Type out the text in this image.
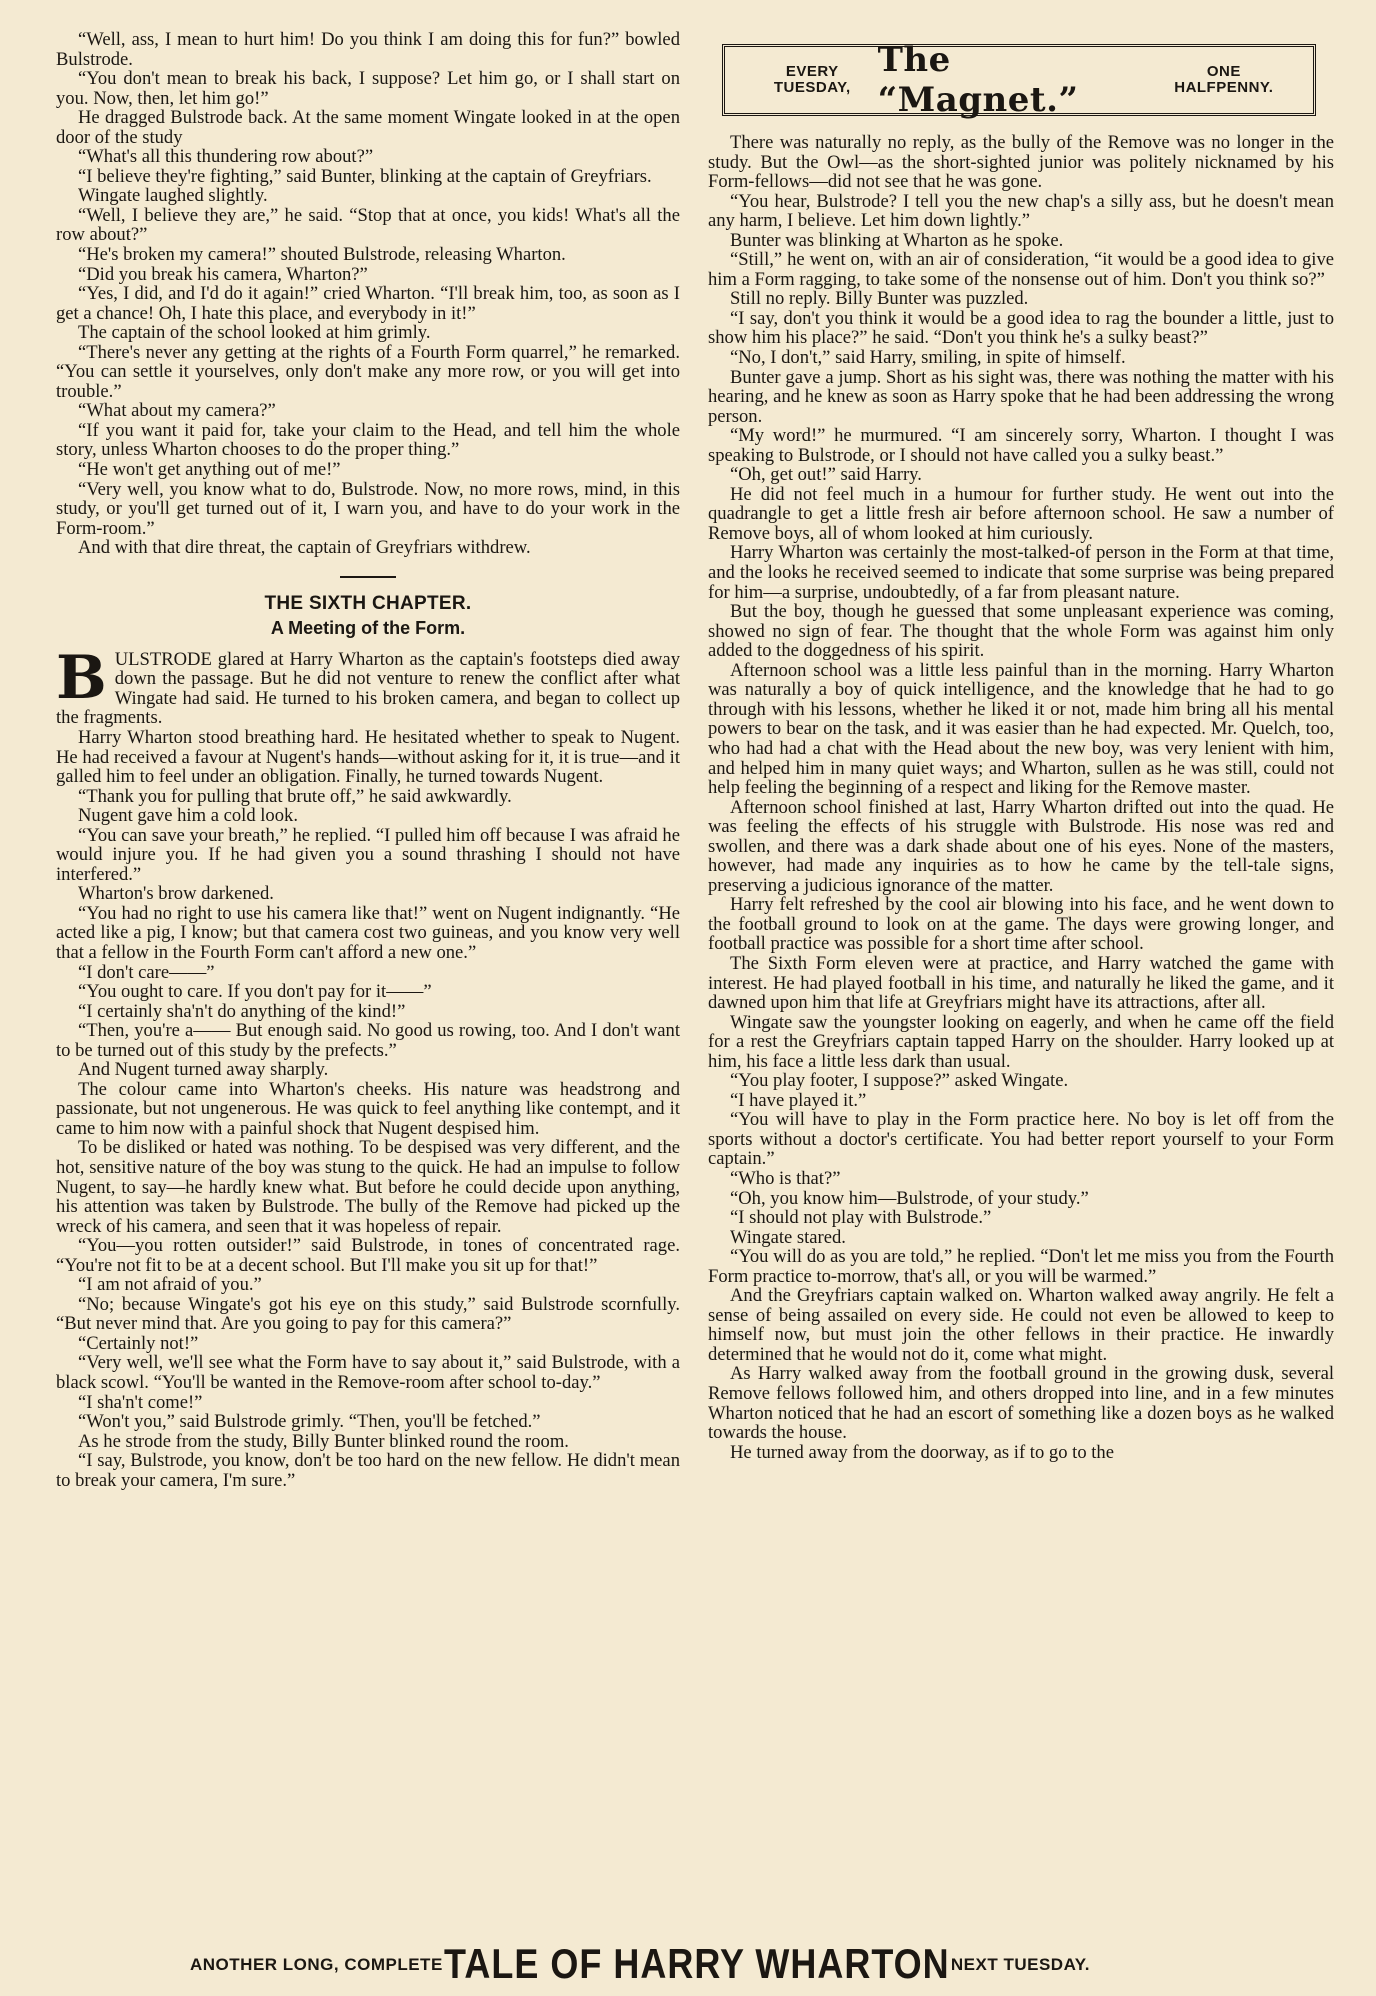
“Well, ass, I mean to hurt him! Do you think I am doing this for fun?” bowled Bulstrode.

“You don't mean to break his back, I suppose? Let him go, or I shall start on you. Now, then, let him go!”

He dragged Bulstrode back. At the same moment Wingate looked in at the open door of the study

“What's all this thundering row about?”

“I believe they're fighting,” said Bunter, blinking at the captain of Greyfriars.

Wingate laughed slightly.

“Well, I believe they are,” he said. “Stop that at once, you kids! What's all the row about?”

“He's broken my camera!” shouted Bulstrode, releasing Wharton.

“Did you break his camera, Wharton?”

“Yes, I did, and I'd do it again!” cried Wharton. “I'll break him, too, as soon as I get a chance! Oh, I hate this place, and everybody in it!”

The captain of the school looked at him grimly.

“There's never any getting at the rights of a Fourth Form quarrel,” he remarked. “You can settle it yourselves, only don't make any more row, or you will get into trouble.”

“What about my camera?”

“If you want it paid for, take your claim to the Head, and tell him the whole story, unless Wharton chooses to do the proper thing.”

“He won't get anything out of me!”

“Very well, you know what to do, Bulstrode. Now, no more rows, mind, in this study, or you'll get turned out of it, I warn you, and have to do your work in the Form-room.”

And with that dire threat, the captain of Greyfriars withdrew.

THE SIXTH CHAPTER.
A Meeting of the Form.

BULSTRODE glared at Harry Wharton as the captain's footsteps died away down the passage. But he did not venture to renew the conflict after what Wingate had said. He turned to his broken camera, and began to collect up the fragments.

Harry Wharton stood breathing hard. He hesitated whether to speak to Nugent. He had received a favour at Nugent's hands—without asking for it, it is true—and it galled him to feel under an obligation. Finally, he turned towards Nugent.

“Thank you for pulling that brute off,” he said awkwardly.

Nugent gave him a cold look.

“You can save your breath,” he replied. “I pulled him off because I was afraid he would injure you. If he had given you a sound thrashing I should not have interfered.”

Wharton's brow darkened.

“You had no right to use his camera like that!” went on Nugent indignantly. “He acted like a pig, I know; but that camera cost two guineas, and you know very well that a fellow in the Fourth Form can't afford a new one.”

“I don't care——”

“You ought to care. If you don't pay for it——”

“I certainly sha'n't do anything of the kind!”

“Then, you're a—— But enough said. No good us rowing, too. And I don't want to be turned out of this study by the prefects.”

And Nugent turned away sharply.

The colour came into Wharton's cheeks. His nature was headstrong and passionate, but not ungenerous. He was quick to feel anything like contempt, and it came to him now with a painful shock that Nugent despised him.

To be disliked or hated was nothing. To be despised was very different, and the hot, sensitive nature of the boy was stung to the quick. He had an impulse to follow Nugent, to say—he hardly knew what. But before he could decide upon anything, his attention was taken by Bulstrode. The bully of the Remove had picked up the wreck of his camera, and seen that it was hopeless of repair.

“You—you rotten outsider!” said Bulstrode, in tones of concentrated rage. “You're not fit to be at a decent school. But I'll make you sit up for that!”

“I am not afraid of you.”

“No; because Wingate's got his eye on this study,” said Bulstrode scornfully. “But never mind that. Are you going to pay for this camera?”

“Certainly not!”

“Very well, we'll see what the Form have to say about it,” said Bulstrode, with a black scowl. “You'll be wanted in the Remove-room after school to-day.”

“I sha'n't come!”

“Won't you,” said Bulstrode grimly. “Then, you'll be fetched.”

As he strode from the study, Billy Bunter blinked round the room.

“I say, Bulstrode, you know, don't be too hard on the new fellow. He didn't mean to break your camera, I'm sure.”

EVERY TUESDAY,
The “Magnet.”
ONE HALFPENNY.

There was naturally no reply, as the bully of the Remove was no longer in the study. But the Owl—as the short-sighted junior was politely nicknamed by his Form-fellows—did not see that he was gone.

“You hear, Bulstrode? I tell you the new chap's a silly ass, but he doesn't mean any harm, I believe. Let him down lightly.”

Bunter was blinking at Wharton as he spoke.

“Still,” he went on, with an air of consideration, “it would be a good idea to give him a Form ragging, to take some of the nonsense out of him. Don't you think so?”

Still no reply. Billy Bunter was puzzled.

“I say, don't you think it would be a good idea to rag the bounder a little, just to show him his place?” he said. “Don't you think he's a sulky beast?”

“No, I don't,” said Harry, smiling, in spite of himself.

Bunter gave a jump. Short as his sight was, there was nothing the matter with his hearing, and he knew as soon as Harry spoke that he had been addressing the wrong person.

“My word!” he murmured. “I am sincerely sorry, Wharton. I thought I was speaking to Bulstrode, or I should not have called you a sulky beast.”

“Oh, get out!” said Harry.

He did not feel much in a humour for further study. He went out into the quadrangle to get a little fresh air before afternoon school. He saw a number of Remove boys, all of whom looked at him curiously.

Harry Wharton was certainly the most-talked-of person in the Form at that time, and the looks he received seemed to indicate that some surprise was being prepared for him—a surprise, undoubtedly, of a far from pleasant nature.

But the boy, though he guessed that some unpleasant experience was coming, showed no sign of fear. The thought that the whole Form was against him only added to the doggedness of his spirit.

Afternoon school was a little less painful than in the morning. Harry Wharton was naturally a boy of quick intelligence, and the knowledge that he had to go through with his lessons, whether he liked it or not, made him bring all his mental powers to bear on the task, and it was easier than he had expected. Mr. Quelch, too, who had had a chat with the Head about the new boy, was very lenient with him, and helped him in many quiet ways; and Wharton, sullen as he was still, could not help feeling the beginning of a respect and liking for the Remove master.

Afternoon school finished at last, Harry Wharton drifted out into the quad. He was feeling the effects of his struggle with Bulstrode. His nose was red and swollen, and there was a dark shade about one of his eyes. None of the masters, however, had made any inquiries as to how he came by the tell-tale signs, preserving a judicious ignorance of the matter.

Harry felt refreshed by the cool air blowing into his face, and he went down to the football ground to look on at the game. The days were growing longer, and football practice was possible for a short time after school.

The Sixth Form eleven were at practice, and Harry watched the game with interest. He had played football in his time, and naturally he liked the game, and it dawned upon him that life at Greyfriars might have its attractions, after all.

Wingate saw the youngster looking on eagerly, and when he came off the field for a rest the Greyfriars captain tapped Harry on the shoulder. Harry looked up at him, his face a little less dark than usual.

“You play footer, I suppose?” asked Wingate.

“I have played it.”

“You will have to play in the Form practice here. No boy is let off from the sports without a doctor's certificate. You had better report yourself to your Form captain.”

“Who is that?”

“Oh, you know him—Bulstrode, of your study.”

“I should not play with Bulstrode.”

Wingate stared.

“You will do as you are told,” he replied. “Don't let me miss you from the Fourth Form practice to-morrow, that's all, or you will be warmed.”

And the Greyfriars captain walked on. Wharton walked away angrily. He felt a sense of being assailed on every side. He could not even be allowed to keep to himself now, but must join the other fellows in their practice. He inwardly determined that he would not do it, come what might.

As Harry walked away from the football ground in the growing dusk, several Remove fellows followed him, and others dropped into line, and in a few minutes Wharton noticed that he had an escort of something like a dozen boys as he walked towards the house.

He turned away from the doorway, as if to go to the

ANOTHER LONG, COMPLETE TALE OF HARRY WHARTON NEXT TUESDAY.
